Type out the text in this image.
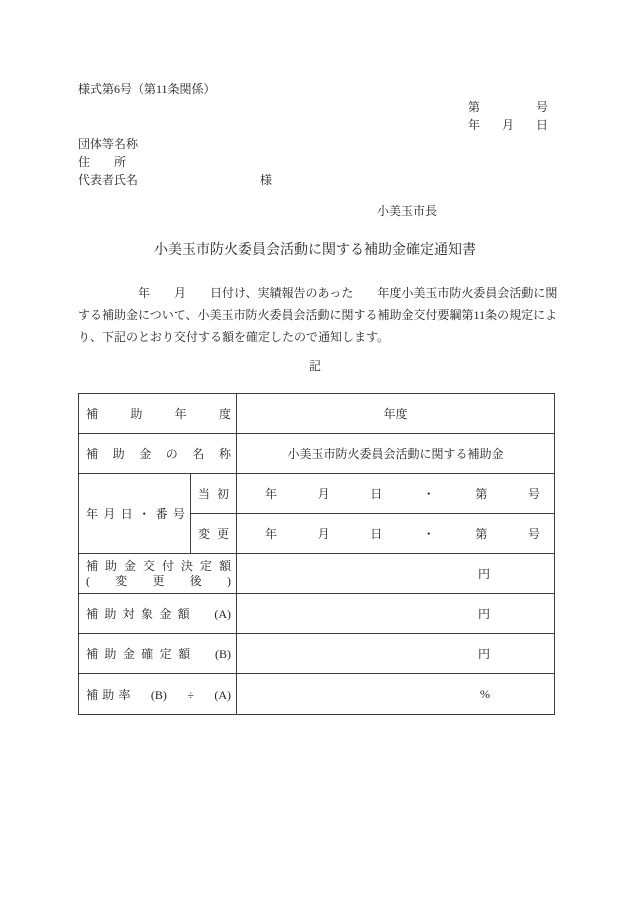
様式第6号（第11条関係）
第	号
年 月 日
団体等名称
住　　所
代表者氏名	様
小美玉市長
小美玉市防火委員会活動に関する補助金確定通知書
　　　　　年　　月　　日付け、実績報告のあった　　年度小美玉市防火委員会活動に関する補助金について、小美玉市防火委員会活動に関する補助金交付要綱第11条の規定により、下記のとおり交付する額を確定したので通知します。
記
補助年度		年度
補助金の名称		小美玉市防火委員会活動に関する補助金
年月日・番号	当初	年　月　日　・　第　号
	変更	年　月　日　・　第　号

補助金交付決定額
(変更後)		円
補助対象金額　(A)		円
補助金確定額　(B)		円
補助率　(B)　÷　(A)		%
